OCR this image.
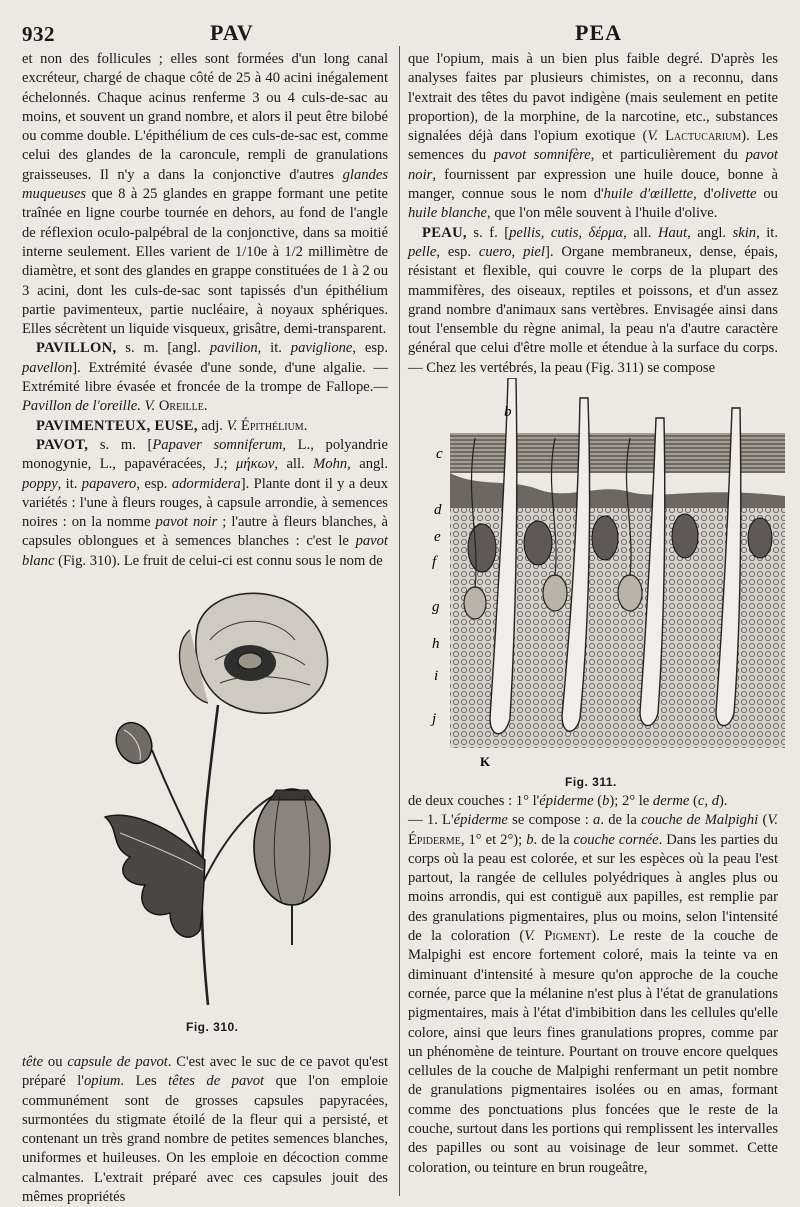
932	PAV	PEA

et non des follicules ; elles sont formées d'un long canal excréteur, chargé de chaque côté de 25 à 40 acini inégalement échelonnés. Chaque acinus renferme 3 ou 4 culs-de-sac au moins, et souvent un grand nombre, et alors il peut être bilobé ou comme double. L'épithélium de ces culs-de-sac est, comme celui des glandes de la caroncule, rempli de granulations graisseuses. Il n'y a dans la conjonctive d'autres glandes muqueuses que 8 à 25 glandes en grappe formant une petite traînée en ligne courbe tournée en dehors, au fond de l'angle de réflexion oculo-palpébral de la conjonctive, dans sa moitié interne seulement. Elles varient de 1/10e à 1/2 millimètre de diamètre, et sont des glandes en grappe constituées de 1 à 2 ou 3 acini, dont les culs-de-sac sont tapissés d'un épithélium partie pavimenteux, partie nucléaire, à noyaux sphériques. Elles sécrètent un liquide visqueux, grisâtre, demi-transparent.

PAVILLON, s. m. [angl. pavilion, it. paviglione, esp. pavellon]. Extrémité évasée d'une sonde, d'une algalie. — Extrémité libre évasée et froncée de la trompe de Fallope.—Pavillon de l'oreille. V. Oreille.

PAVIMENTEUX, EUSE, adj. V. Épithélium.

PAVOT, s. m. [Papaver somniferum, L., polyandrie monogynie, L., papavéracées, J.; μήκων, all. Mohn, angl. poppy, it. papavero, esp. adormidera]. Plante dont il y a deux variétés : l'une à fleurs rouges, à capsule arrondie, à semences noires : on la nomme pavot noir ; l'autre à fleurs blanches, à capsules oblongues et à semences blanches : c'est le pavot blanc (Fig. 310). Le fruit de celui-ci est connu sous le nom de

Fig. 310.

tête ou capsule de pavot. C'est avec le suc de ce pavot qu'est préparé l'opium. Les têtes de pavot que l'on emploie communément sont de grosses capsules papyracées, surmontées du stigmate étoilé de la fleur qui a persisté, et contenant un très grand nombre de petites semences blanches, uniformes et huileuses. On les emploie en décoction comme calmantes. L'extrait préparé avec ces capsules jouit des mêmes propriétés

que l'opium, mais à un bien plus faible degré. D'après les analyses faites par plusieurs chimistes, on a reconnu, dans l'extrait des têtes du pavot indigène (mais seulement en petite proportion), de la morphine, de la narcotine, etc., substances signalées déjà dans l'opium exotique (V. Lactucarium). Les semences du pavot somnifère, et particulièrement du pavot noir, fournissent par expression une huile douce, bonne à manger, connue sous le nom d'huile d'œillette, d'olivette ou huile blanche, que l'on mêle souvent à l'huile d'olive.

PEAU, s. f. [pellis, cutis, δέρμα, all. Haut, angl. skin, it. pelle, esp. cuero, piel]. Organe membraneux, dense, épais, résistant et flexible, qui couvre le corps de la plupart des mammifères, des oiseaux, reptiles et poissons, et d'un assez grand nombre d'animaux sans vertèbres. Envisagée ainsi dans tout l'ensemble du règne animal, la peau n'a d'autre caractère général que celui d'être molle et étendue à la surface du corps. — Chez les vertébrés, la peau (Fig. 311) se compose

b
c
d
e
f
g
h
i
j
K
Fig. 311.

de deux couches : 1° l'épiderme (b); 2° le derme (c, d).

— 1. L'épiderme se compose : a. de la couche de Malpighi (V. Épiderme, 1° et 2°); b. de la couche cornée. Dans les parties du corps où la peau est colorée, et sur les espèces où la peau l'est partout, la rangée de cellules polyédriques à angles plus ou moins arrondis, qui est contiguë aux papilles, est remplie par des granulations pigmentaires, plus ou moins, selon l'intensité de la coloration (V. Pigment). Le reste de la couche de Malpighi est encore fortement coloré, mais la teinte va en diminuant d'intensité à mesure qu'on approche de la couche cornée, parce que la mélanine n'est plus à l'état de granulations pigmentaires, mais à l'état d'imbibition dans les cellules qu'elle colore, ainsi que leurs fines granulations propres, comme par un phénomène de teinture. Pourtant on trouve encore quelques cellules de la couche de Malpighi renfermant un petit nombre de granulations pigmentaires isolées ou en amas, formant comme des ponctuations plus foncées que le reste de la couche, surtout dans les portions qui remplissent les intervalles des papilles ou sont au voisinage de leur sommet. Cette coloration, ou teinture en brun rougeâtre,
